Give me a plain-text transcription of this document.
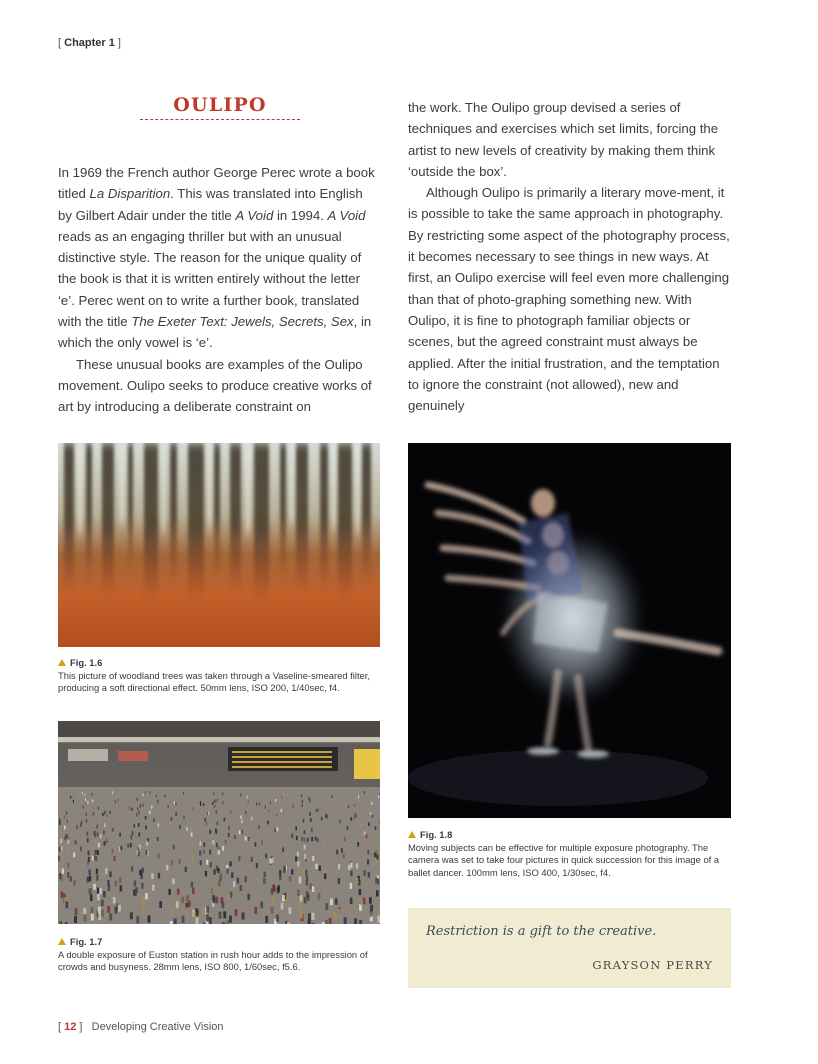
[ Chapter 1 ]
OULIPO

In 1969 the French author George Perec wrote a book titled La Disparition. This was translated into English by Gilbert Adair under the title A Void in 1994. A Void reads as an engaging thriller but with an unusual distinctive style. The reason for the unique quality of the book is that it is written entirely without the letter ‘e’. Perec went on to write a further book, translated with the title The Exeter Text: Jewels, Secrets, Sex, in which the only vowel is ‘e’.

These unusual books are examples of the Oulipo movement. Oulipo seeks to produce creative works of art by introducing a deliberate constraint on

the work. The Oulipo group devised a series of techniques and exercises which set limits, forcing the artist to new levels of creativity by making them think ‘outside the box’.

Although Oulipo is primarily a literary move-ment, it is possible to take the same approach in photography. By restricting some aspect of the photography process, it becomes necessary to see things in new ways. At first, an Oulipo exercise will feel even more challenging than that of photo-graphing something new. With Oulipo, it is fine to photograph familiar objects or scenes, but the agreed constraint must always be applied. After the initial frustration, and the temptation to ignore the constraint (not allowed), new and genuinely

Fig. 1.6
This picture of woodland trees was taken through a Vaseline-smeared filter, producing a soft directional effect. 50mm lens, ISO 200, 1/40sec, f4.
Fig. 1.7
A double exposure of Euston station in rush hour adds to the impression of crowds and busyness. 28mm lens, ISO 800, 1/60sec, f5.6.
Fig. 1.8
Moving subjects can be effective for multiple exposure photography. The camera was set to take four pictures in quick succession for this image of a ballet dancer. 100mm lens, ISO 400, 1/30sec, f4.
Restriction is a gift to the creative.
GRAYSON PERRY
[ 12 ]   Developing Creative Vision
